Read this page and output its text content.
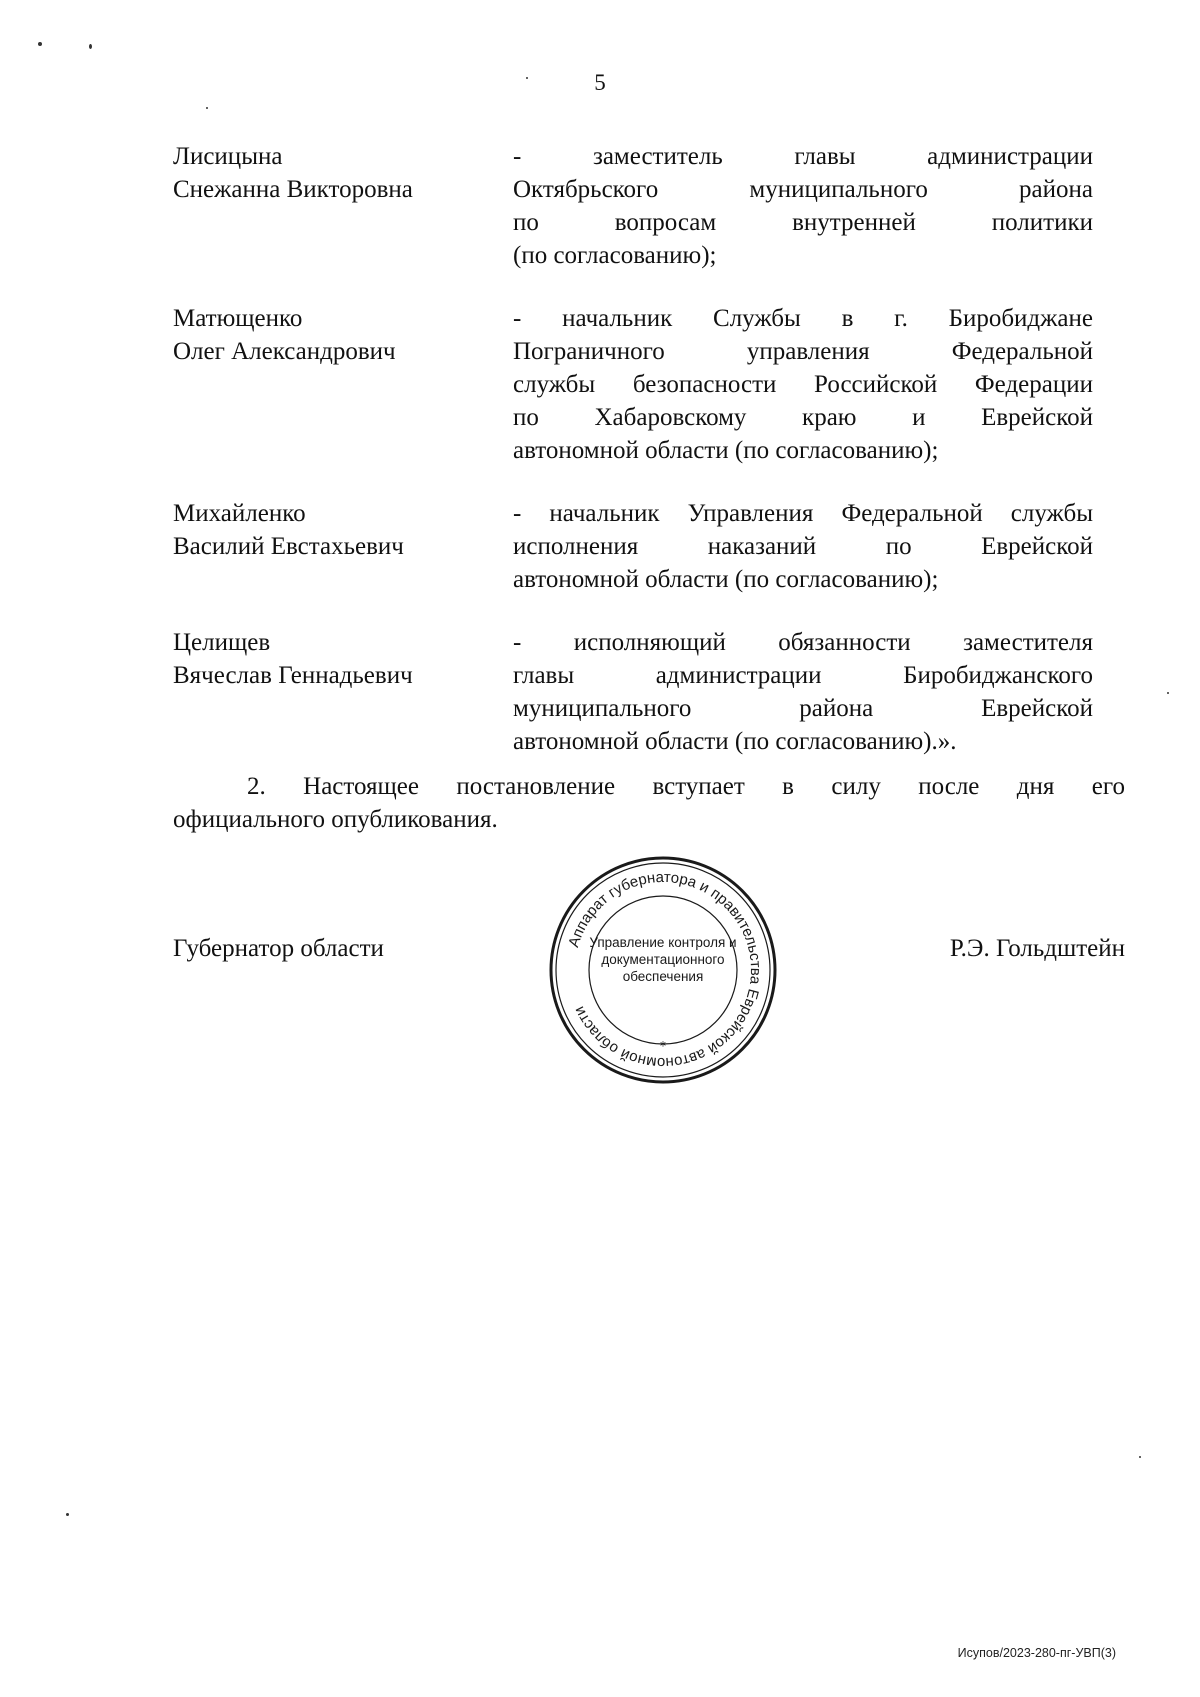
5
Лисицына
Снежанна Викторовна
- заместитель главы администрации
Октябрьского муниципального района
по вопросам внутренней политики
(по согласованию);
Матющенко
Олег Александрович
- начальник Службы в г. Биробиджане
Пограничного управления Федеральной
службы безопасности Российской Федерации
по Хабаровскому краю и Еврейской
автономной области (по согласованию);
Михайленко
Василий Евстахьевич
- начальник Управления Федеральной службы
исполнения наказаний по Еврейской
автономной области (по согласованию);
Целищев
Вячеслав Геннадьевич
- исполняющий обязанности заместителя
главы администрации Биробиджанского
муниципального района Еврейской
автономной области (по согласованию).».
2. Настоящее постановление вступает в силу после дня его
официального опубликования.
Губернатор области	Р.Э. Гольдштейн
Аппарат губернатора и правительства Еврейской автономной области
Управление контроля и
документационного
обеспечения
*
Исупов/2023-280-пг-УВП(3)
